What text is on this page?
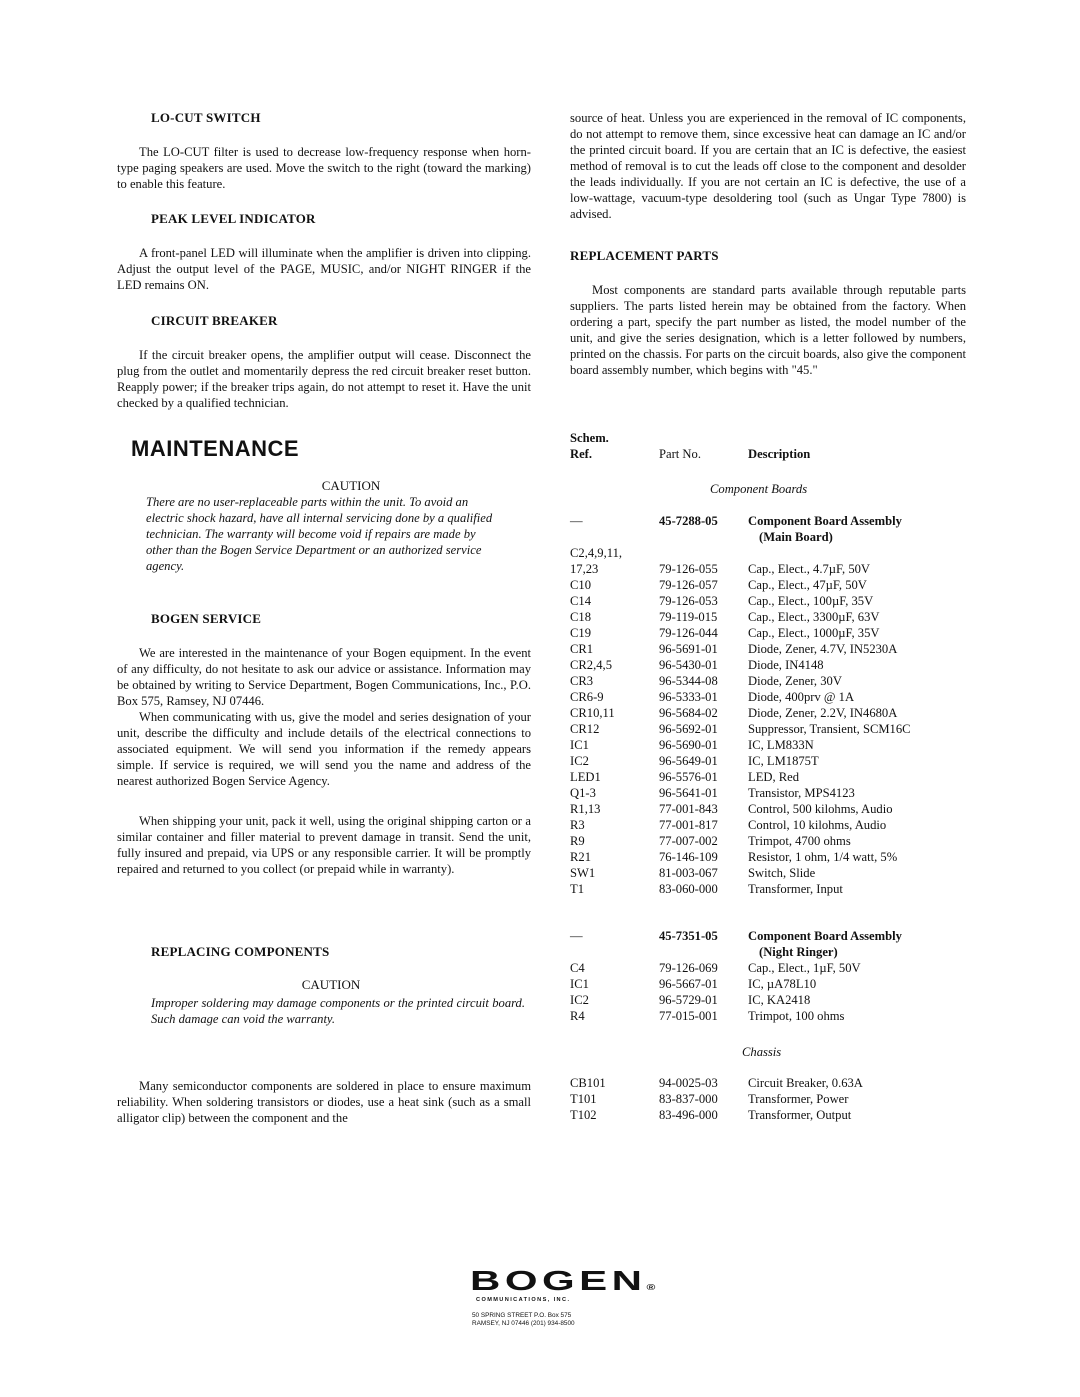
LO-CUT SWITCH
The LO-CUT filter is used to decrease low-frequency response when horn-type paging speakers are used. Move the switch to the right (toward the marking) to enable this feature.
PEAK LEVEL INDICATOR
A front-panel LED will illuminate when the amplifier is driven into clipping. Adjust the output level of the PAGE, MUSIC, and/or NIGHT RINGER if the LED remains ON.
CIRCUIT BREAKER
If the circuit breaker opens, the amplifier output will cease. Disconnect the plug from the outlet and momentarily depress the red circuit breaker reset button. Reapply power; if the breaker trips again, do not attempt to reset it. Have the unit checked by a qualified technician.
MAINTENANCE
CAUTION
There are no user-replaceable parts within the unit. To avoid an electric shock hazard, have all internal servicing done by a qualified technician. The warranty will become void if repairs are made by other than the Bogen Service Department or an authorized service agency.
BOGEN SERVICE
We are interested in the maintenance of your Bogen equipment. In the event of any difficulty, do not hesitate to ask our advice or assistance. Information may be obtained by writing to Service Department, Bogen Communications, Inc., P.O. Box 575, Ramsey, NJ 07446.
When communicating with us, give the model and series designation of your unit, describe the difficulty and include details of the electrical connections to associated equipment. We will send you information if the remedy appears simple. If service is required, we will send you the name and address of the nearest authorized Bogen Service Agency.
When shipping your unit, pack it well, using the original shipping carton or a similar container and filler material to prevent damage in transit. Send the unit, fully insured and prepaid, via UPS or any responsible carrier. It will be promptly repaired and returned to you collect (or prepaid while in warranty).
REPLACING COMPONENTS
CAUTION
Improper soldering may damage components or the printed circuit board. Such damage can void the warranty.
Many semiconductor components are soldered in place to ensure maximum reliability. When soldering transistors or diodes, use a heat sink (such as a small alligator clip) between the component and the
source of heat. Unless you are experienced in the removal of IC components, do not attempt to remove them, since excessive heat can damage an IC and/or the printed circuit board. If you are certain that an IC is defective, the easiest method of removal is to cut the leads off close to the component and desolder the leads individually. If you are not certain an IC is defective, the use of a low-wattage, vacuum-type desoldering tool (such as Ungar Type 7800) is advised.
REPLACEMENT PARTS
Most components are standard parts available through reputable parts suppliers. The parts listed herein may be obtained from the factory. When ordering a part, specify the part number as listed, the model number of the unit, and give the series designation, which is a letter followed by numbers, printed on the chassis. For parts on the circuit boards, also give the component board assembly number, which begins with "45."
Schem.
Ref.	Part No.	Description
Component Boards
—	45-7288-05 Component Board Assembly
(Main Board)
C2,4,9,11,
17,23	79-126-055 Cap., Elect., 4.7µF, 50V
C10	79-126-057 Cap., Elect., 47µF, 50V
C14	79-126-053 Cap., Elect., 100µF, 35V
C18	79-119-015 Cap., Elect., 3300µF, 63V
C19	79-126-044 Cap., Elect., 1000µF, 35V
CR1	96-5691-01 Diode, Zener, 4.7V, IN5230A
CR2,4,5	96-5430-01 Diode, IN4148
CR3	96-5344-08 Diode, Zener, 30V
CR6-9	96-5333-01 Diode, 400prv @ 1A
CR10,11	96-5684-02 Diode, Zener, 2.2V, IN4680A
CR12	96-5692-01 Suppressor, Transient, SCM16C
IC1	96-5690-01 IC, LM833N
IC2	96-5649-01 IC, LM1875T
LED1	96-5576-01 LED, Red
Q1-3	96-5641-01 Transistor, MPS4123
R1,13	77-001-843 Control, 500 kilohms, Audio
R3	77-001-817 Control, 10 kilohms, Audio
R9	77-007-002 Trimpot, 4700 ohms
R21	76-146-109 Resistor, 1 ohm, 1/4 watt, 5%
SW1	81-003-067 Switch, Slide
T1	83-060-000 Transformer, Input
—	45-7351-05 Component Board Assembly
(Night Ringer)
C4	79-126-069 Cap., Elect., 1µF, 50V
IC1	96-5667-01 IC, µA78L10
IC2	96-5729-01 IC, KA2418
R4	77-015-001 Trimpot, 100 ohms
Chassis
CB101	94-0025-03 Circuit Breaker, 0.63A
T101	83-837-000 Transformer, Power
T102	83-496-000 Transformer, Output
BOGEN®
COMMUNICATIONS, INC.
50 SPRING STREET P.O. Box 575
RAMSEY, NJ 07446 (201) 934-8500
